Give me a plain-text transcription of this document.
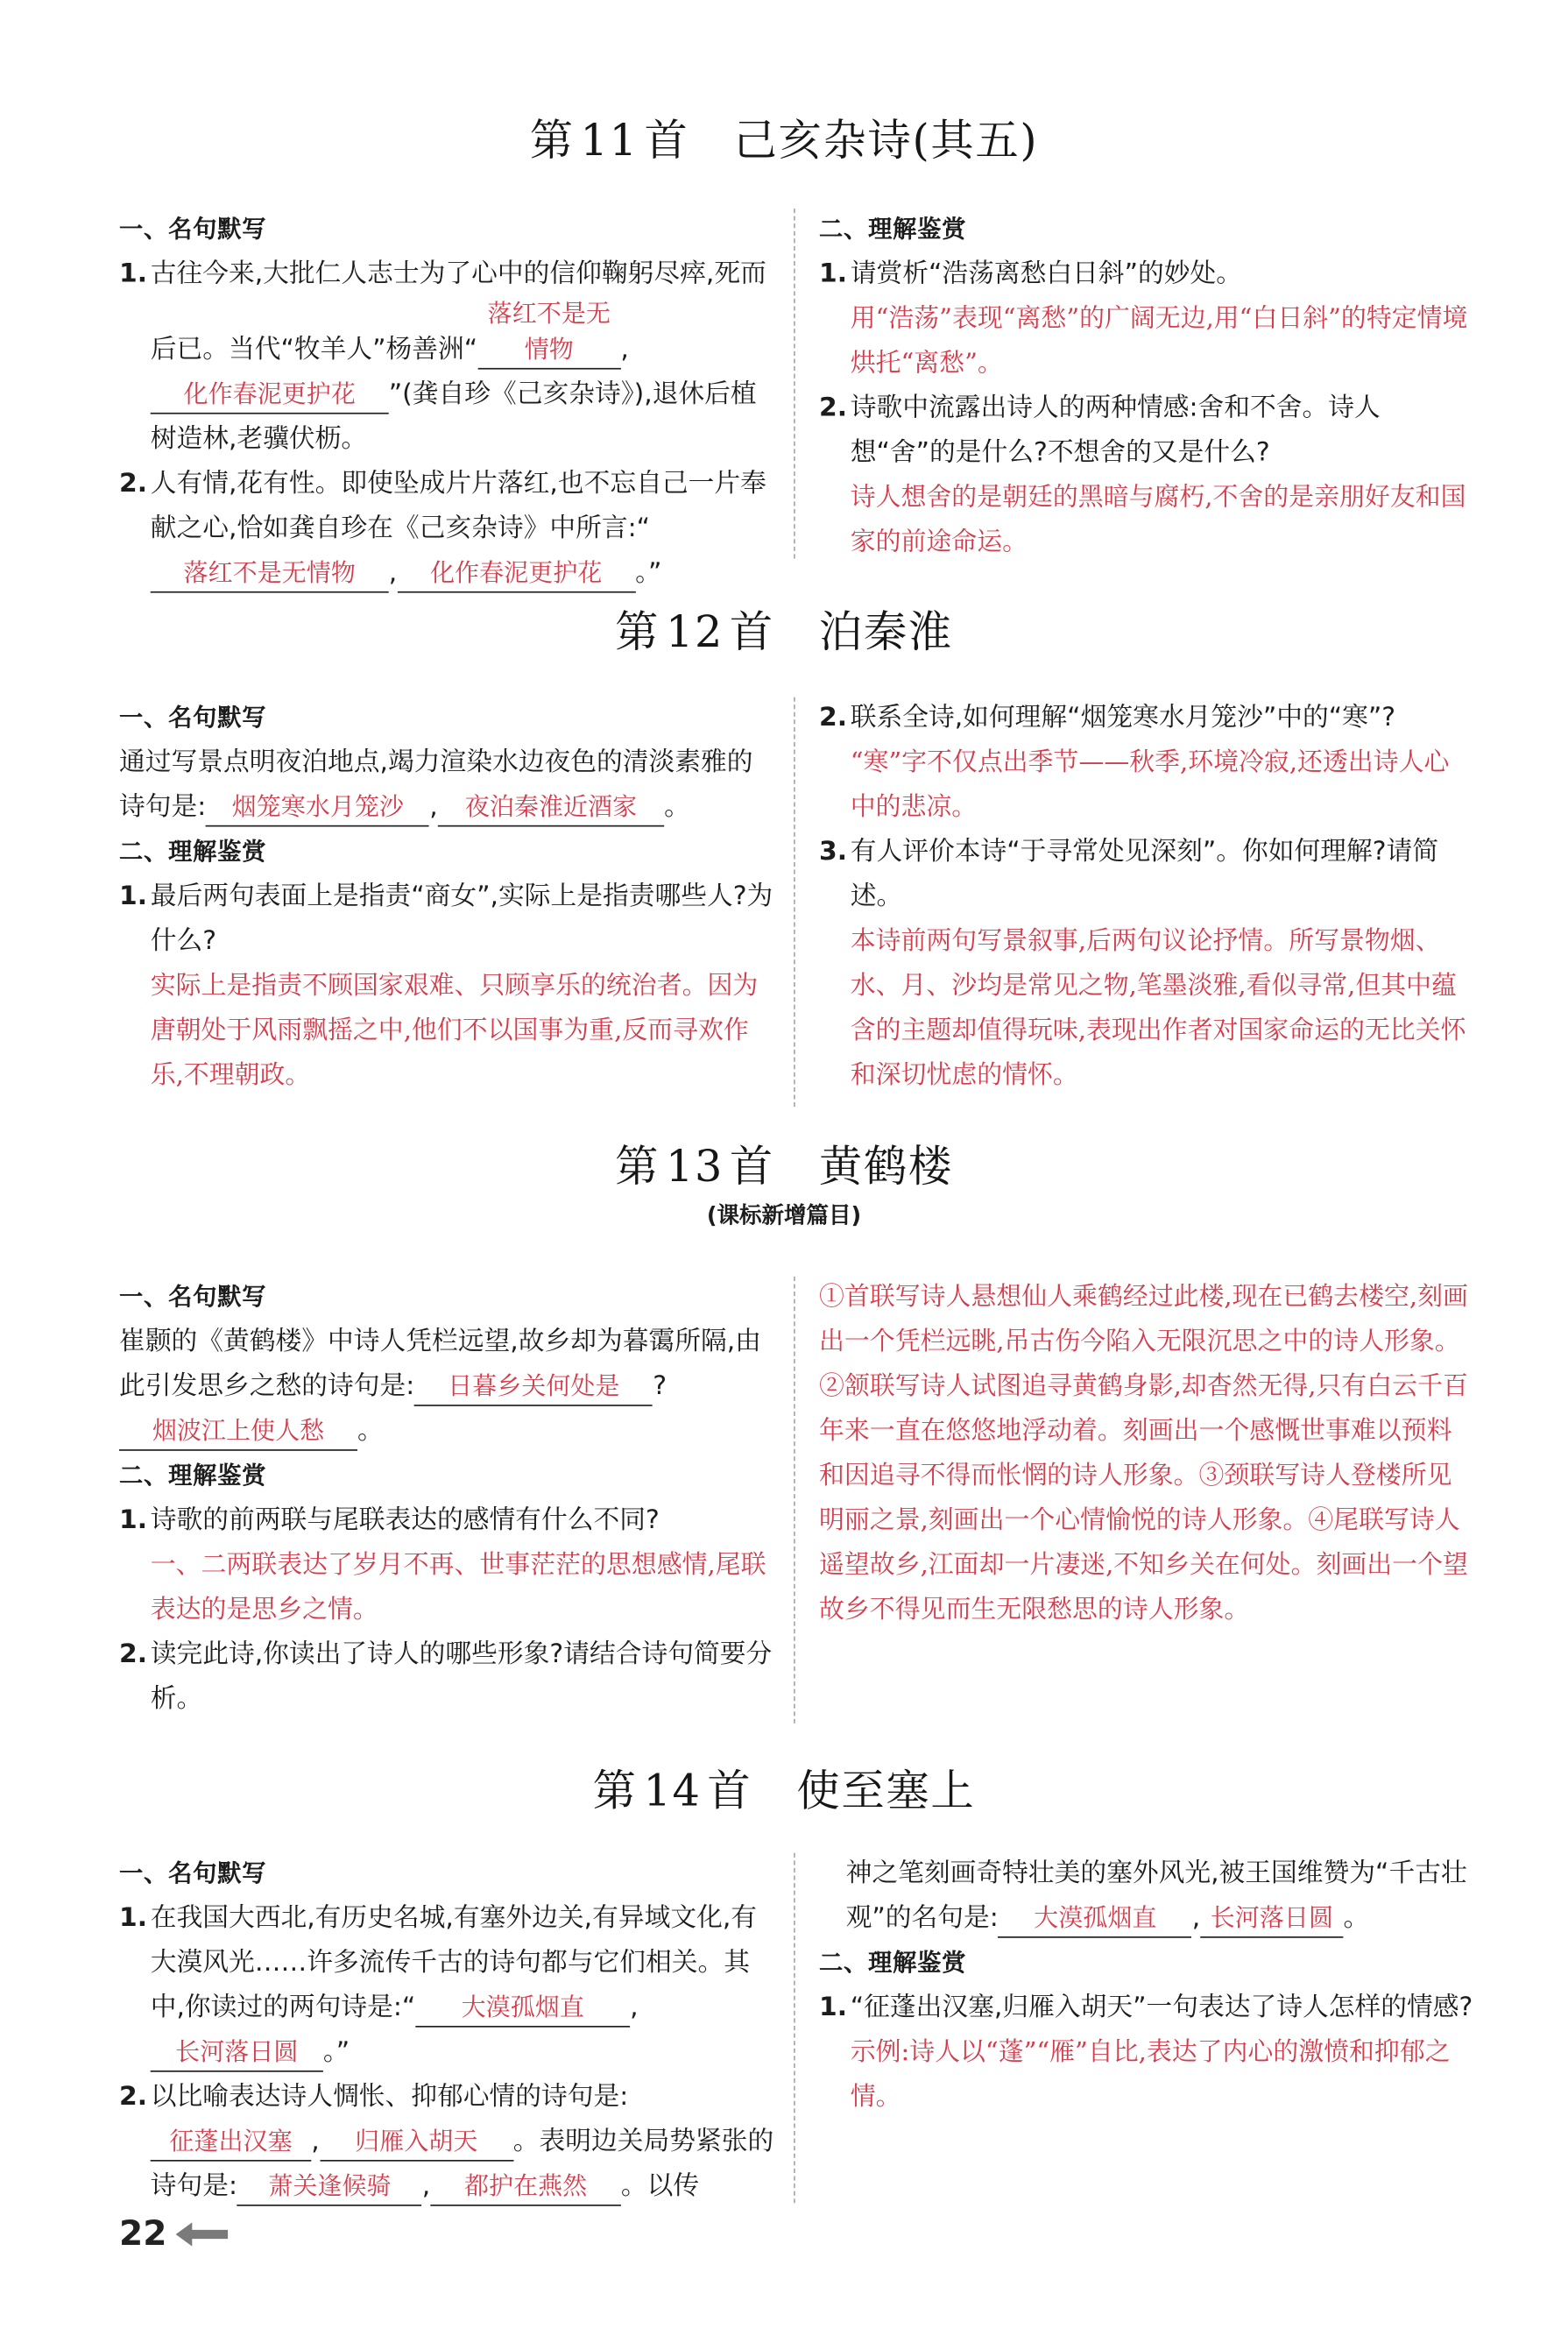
第 11 首 己亥杂诗(其五)
一、名句默写
1. 古往今来,大批仁人志士为了心中的信仰鞠躬尽瘁,死而后已。当代“牧羊人”杨善洲“落红不是无情物	,化作春泥更护花 ”(龚自珍《己亥杂诗》),退休后植树造林,老骥伏枥。
2. 人有情,花有性。即使坠成片片落红,也不忘自己一片奉献之心,恰如龚自珍在《己亥杂诗》中所言:“落红不是无情物 , 化作春泥更护花 。”
二、理解鉴赏
1. 请赏析“浩荡离愁白日斜”的妙处。
用“浩荡”表现“离愁”的广阔无边,用“白日斜”的特定情境烘托“离愁”。
2. 诗歌中流露出诗人的两种情感:舍和不舍。诗人想“舍”的是什么?不想舍的又是什么?
诗人想舍的是朝廷的黑暗与腐朽,不舍的是亲朋好友和国家的前途命运。
第 12 首 泊秦淮
一、名句默写
通过写景点明夜泊地点,竭力渲染水边夜色的清淡素雅的诗句是: 烟笼寒水月笼沙 , 夜泊秦淮近酒家 。
二、理解鉴赏
1. 最后两句表面上是指责“商女”,实际上是指责哪些人?为什么?
实际上是指责不顾国家艰难、只顾享乐的统治者。因为唐朝处于风雨飘摇之中,他们不以国事为重,反而寻欢作乐,不理朝政。
2. 联系全诗,如何理解“烟笼寒水月笼沙”中的“寒”?
“寒”字不仅点出季节——秋季,环境冷寂,还透出诗人心中的悲凉。
3. 有人评价本诗“于寻常处见深刻”。你如何理解?请简述。
本诗前两句写景叙事,后两句议论抒情。所写景物烟、水、月、沙均是常见之物,笔墨淡雅,看似寻常,但其中蕴含的主题却值得玩味,表现出作者对国家命运的无比关怀和深切忧虑的情怀。
第 13 首 黄鹤楼
(课标新增篇目)
一、名句默写
崔颢的《黄鹤楼》中诗人凭栏远望,故乡却为暮霭所隔,由此引发思乡之愁的诗句是: 日暮乡关何处是 ?烟波江上使人愁 。
二、理解鉴赏
1. 诗歌的前两联与尾联表达的感情有什么不同?
一、二两联表达了岁月不再、世事茫茫的思想感情,尾联表达的是思乡之情。
2. 读完此诗,你读出了诗人的哪些形象?请结合诗句简要分析。
①首联写诗人悬想仙人乘鹤经过此楼,现在已鹤去楼空,刻画出一个凭栏远眺,吊古伤今陷入无限沉思之中的诗人形象。②颔联写诗人试图追寻黄鹤身影,却杳然无得,只有白云千百年来一直在悠悠地浮动着。刻画出一个感慨世事难以预料和因追寻不得而怅惘的诗人形象。③颈联写诗人登楼所见明丽之景,刻画出一个心情愉悦的诗人形象。④尾联写诗人遥望故乡,江面却一片凄迷,不知乡关在何处。刻画出一个望故乡不得见而生无限愁思的诗人形象。
第 14 首 使至塞上
一、名句默写
1. 在我国大西北,有历史名城,有塞外边关,有异域文化,有大漠风光……许多流传千古的诗句都与它们相关。其中,你读过的两句诗是:“	大漠孤烟直	,长河落日圆 。”
2. 以比喻表达诗人惆怅、抑郁心情的诗句是:征蓬出汉塞 , 归雁入胡天 。表明边关局势紧张的诗句是: 萧关逢候骑 , 都护在燕然 。以传
神之笔刻画奇特壮美的塞外风光,被王国维赞为“千古壮观”的名句是: 大漠孤烟直 , 长河落日圆 。
二、理解鉴赏
1. “征蓬出汉塞,归雁入胡天”一句表达了诗人怎样的情感?
示例:诗人以“蓬”“雁”自比,表达了内心的激愤和抑郁之情。
22
